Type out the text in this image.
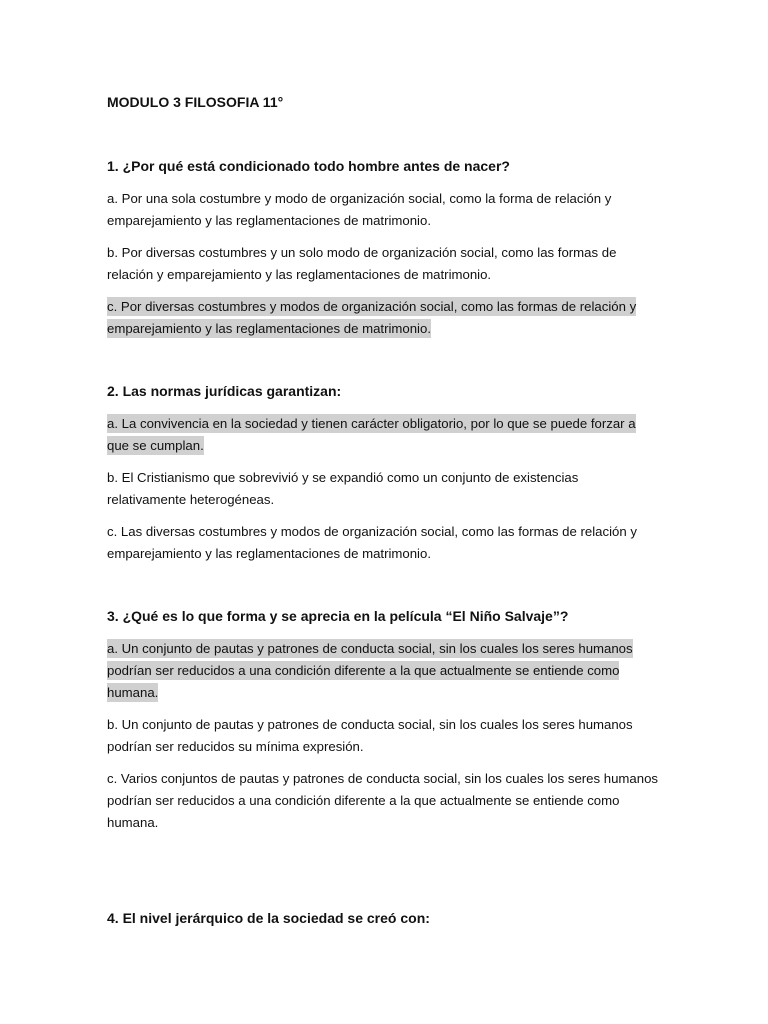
MODULO 3 FILOSOFIA 11°

1. ¿Por qué está condicionado todo hombre antes de nacer?

a. Por una sola costumbre y modo de organización social, como la forma de relación y emparejamiento y las reglamentaciones de matrimonio.

b. Por diversas costumbres y un solo modo de organización social, como las formas de relación y emparejamiento y las reglamentaciones de matrimonio.

c. Por diversas costumbres y modos de organización social, como las formas de relación y emparejamiento y las reglamentaciones de matrimonio.

2. Las normas jurídicas garantizan:

a. La convivencia en la sociedad y tienen carácter obligatorio, por lo que se puede forzar a que se cumplan.

b. El Cristianismo que sobrevivió y se expandió como un conjunto de existencias relativamente heterogéneas.

c. Las diversas costumbres y modos de organización social, como las formas de relación y emparejamiento y las reglamentaciones de matrimonio.

3. ¿Qué es lo que forma y se aprecia en la película “El Niño Salvaje”?

a. Un conjunto de pautas y patrones de conducta social, sin los cuales los seres humanos podrían ser reducidos a una condición diferente a la que actualmente se entiende como humana.

b. Un conjunto de pautas y patrones de conducta social, sin los cuales los seres humanos podrían ser reducidos su mínima expresión.

c. Varios conjuntos de pautas y patrones de conducta social, sin los cuales los seres humanos podrían ser reducidos a una condición diferente a la que actualmente se entiende como humana.

4. El nivel jerárquico de la sociedad se creó con:
